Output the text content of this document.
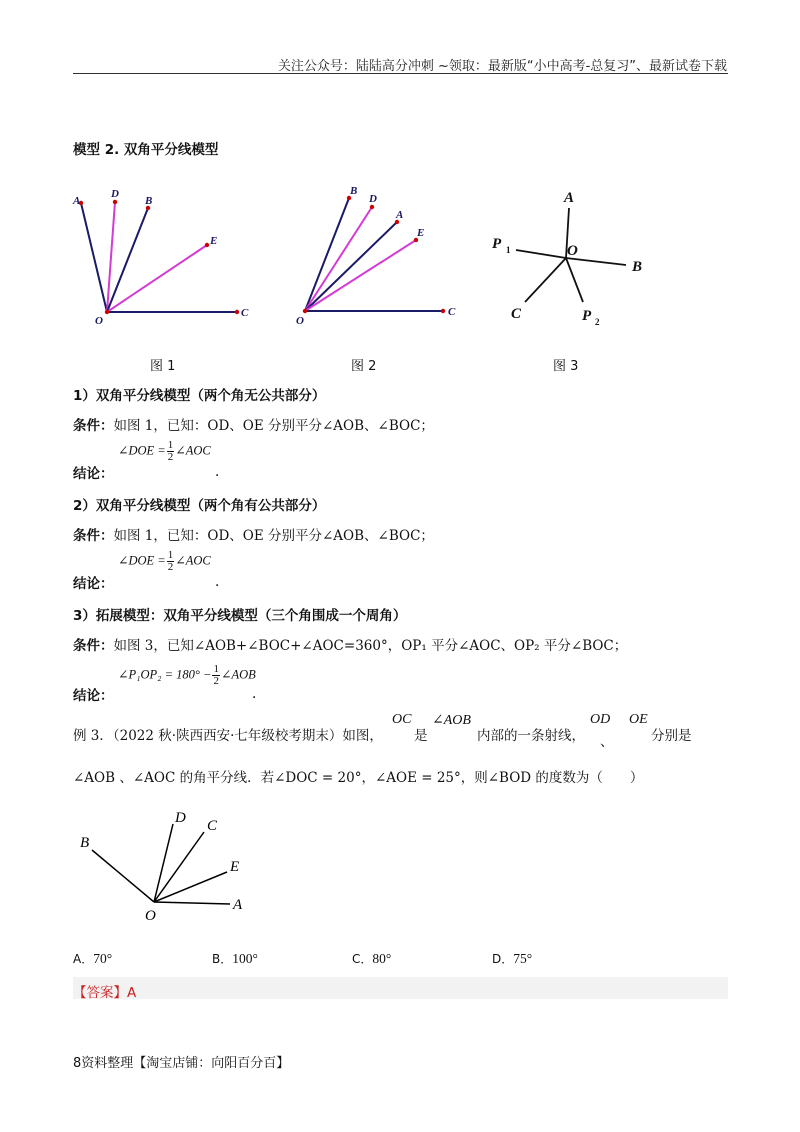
关注公众号：陆陆高分冲刺 ~领取：最新版“小中高考-总复习”、最新试卷下载
模型 2. 双角平分线模型
A
D
B
E
O
C
B
D
A
E
O
C
A
P 1	O
B
C	P 2
图 1	图 2	图 3
1）双角平分线模型（两个角无公共部分）
条件：如图 1，已知：OD、OE 分别平分∠AOB、∠BOC；
∠DOE = $\frac{1}{2}$ ∠AOC
结论：	.
2）双角平分线模型（两个角有公共部分）
条件：如图 1，已知：OD、OE 分别平分∠AOB、∠BOC；
∠DOE = $\frac{1}{2}$ ∠AOC
结论：	.
3）拓展模型：双角平分线模型（三个角围成一个周角）
条件：如图 3，已知∠AOB+∠BOC+∠AOC=360°，OP₁ 平分∠AOC、OP₂ 平分∠BOC；
∠P₁OP₂ = $180^\circ - \frac{1}{2}$ ∠AOB
结论：	.
例 3．（2022 秋·陕西西安·七年级校考期末）如图，
OC
是
∠AOB
内部的一条射线，
OD
、
OE
分别是
∠AOB 、∠AOC 的角平分线．若∠DOC = 20°，∠AOE = 25°，则∠BOD 的度数为（　　）
D C
B
E
O
A
A．70°	B．100°	C．80°	D．75°
【答案】A
8资料整理【淘宝店铺：向阳百分百】
